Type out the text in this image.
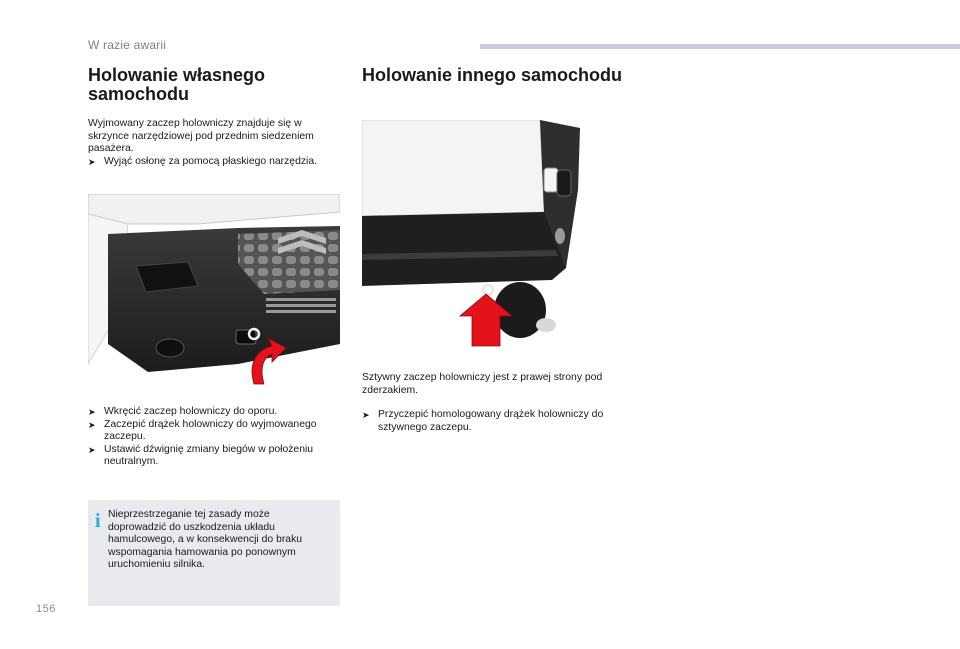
W razie awarii
Holowanie własnego samochodu

Wyjmowany zaczep holowniczy znajduje się w skrzynce narzędziowej pod przednim siedzeniem pasażera.

➤ Wyjąć osłonę za pomocą płaskiego narzędzia.
➤ Wkręcić zaczep holowniczy do oporu.
➤ Zaczepić drążek holowniczy do wyjmowanego zaczepu.
➤ Ustawić dźwignię zmiany biegów w położeniu neutralnym.
i Nieprzestrzeganie tej zasady może doprowadzić do uszkodzenia układu hamulcowego, a w konsekwencji do braku wspomagania hamowania po ponownym uruchomieniu silnika.

Holowanie innego samochodu

Sztywny zaczep holowniczy jest z prawej strony pod zderzakiem.

➤ Przyczepić homologowany drążek holowniczy do sztywnego zaczepu.
156
